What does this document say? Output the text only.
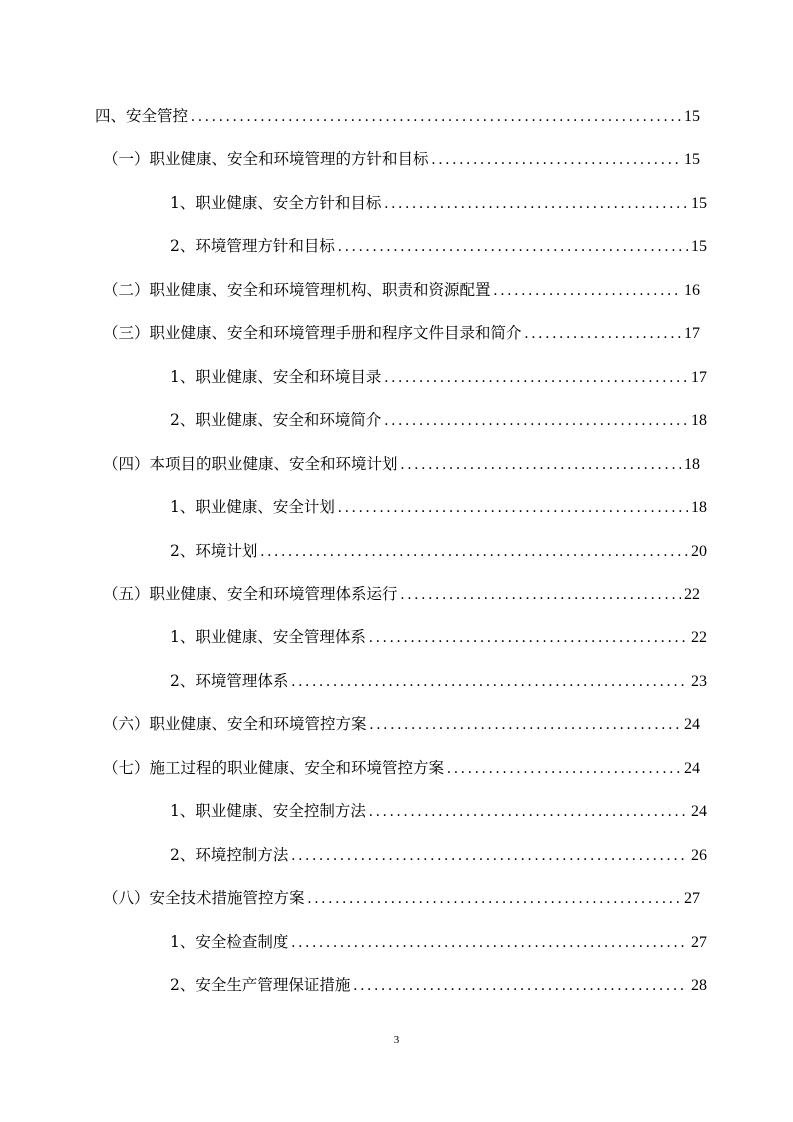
四、安全管控 . . .	15
（一）职业健康、安全和环境管理的方针和目标 . . .	15
1、职业健康、安全方针和目标 . . .	15
2、环境管理方针和目标 . . .	15
（二）职业健康、安全和环境管理机构、职责和资源配置 . . .	16
（三）职业健康、安全和环境管理手册和程序文件目录和简介 . . .	17
1、职业健康、安全和环境目录 . . .	17
2、职业健康、安全和环境简介 . . .	18
（四）本项目的职业健康、安全和环境计划 . . .	18
1、职业健康、安全计划 . . .	18
2、环境计划 . . .	20
（五）职业健康、安全和环境管理体系运行 . . .	22
1、职业健康、安全管理体系 . . .	22
2、环境管理体系 . . .	23
（六）职业健康、安全和环境管控方案 . . .	24
（七）施工过程的职业健康、安全和环境管控方案 . . .	24
1、职业健康、安全控制方法 . . .	24
2、环境控制方法 . . .	26
（八）安全技术措施管控方案 . . .	27
1、安全检查制度 . . .	27
2、安全生产管理保证措施 . . .	28
3
